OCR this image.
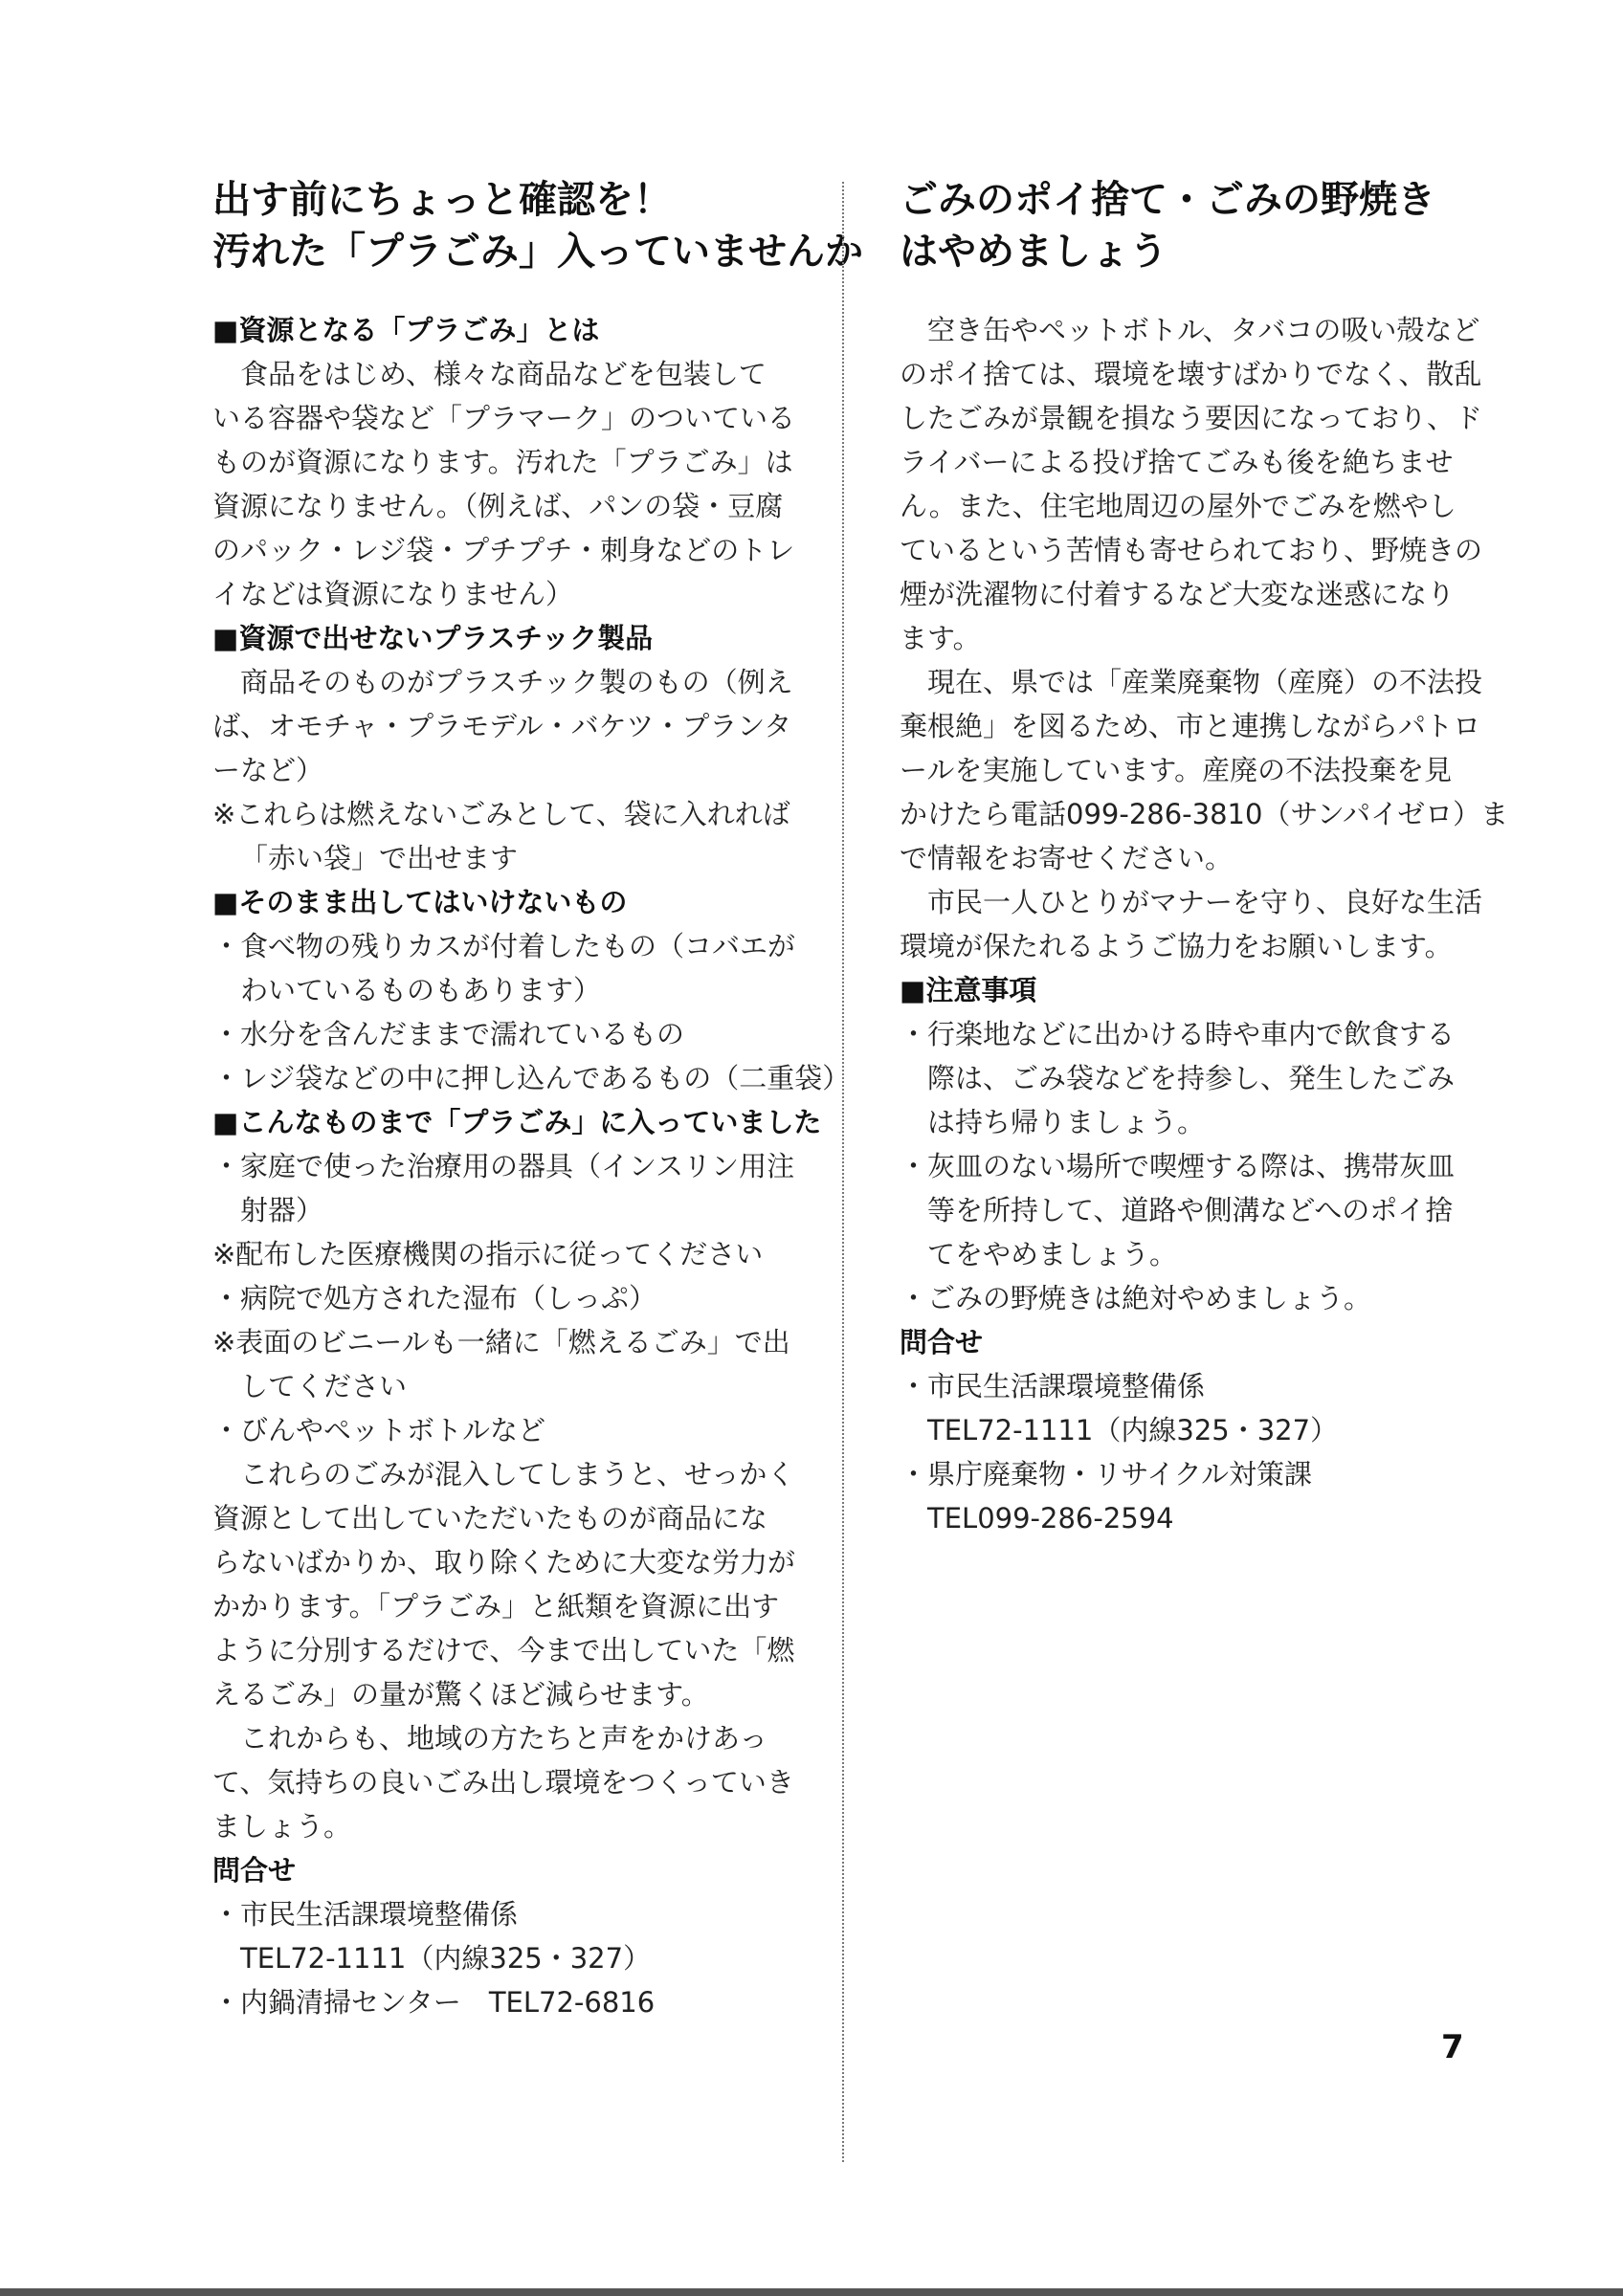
出す前にちょっと確認を！
汚れた「プラごみ」入っていませんか
■資源となる「プラごみ」とは
食品をはじめ、様々な商品などを包装して
いる容器や袋など「プラマーク」のついている
ものが資源になります。汚れた「プラごみ」は
資源になりません。（例えば、パンの袋・豆腐
のパック・レジ袋・プチプチ・刺身などのトレ
イなどは資源になりません）
■資源で出せないプラスチック製品
商品そのものがプラスチック製のもの（例え
ば、オモチャ・プラモデル・バケツ・プランタ
ーなど）
※これらは燃えないごみとして、袋に入れれば
「赤い袋」で出せます
■そのまま出してはいけないもの
・食べ物の残りカスが付着したもの（コバエが
わいているものもあります）
・水分を含んだままで濡れているもの
・レジ袋などの中に押し込んであるもの（二重袋）
■こんなものまで「プラごみ」に入っていました
・家庭で使った治療用の器具（インスリン用注
射器）
※配布した医療機関の指示に従ってください
・病院で処方された湿布（しっぷ）
※表面のビニールも一緒に「燃えるごみ」で出
してください
・びんやペットボトルなど
これらのごみが混入してしまうと、せっかく
資源として出していただいたものが商品にな
らないばかりか、取り除くために大変な労力が
かかります。「プラごみ」と紙類を資源に出す
ように分別するだけで、今まで出していた「燃
えるごみ」の量が驚くほど減らせます。
これからも、地域の方たちと声をかけあっ
て、気持ちの良いごみ出し環境をつくっていき
ましょう。
問合せ
・市民生活課環境整備係
TEL72-1111（内線325・327）
・内鍋清掃センター　TEL72-6816
ごみのポイ捨て・ごみの野焼き
はやめましょう
空き缶やペットボトル、タバコの吸い殻など
のポイ捨ては、環境を壊すばかりでなく、散乱
したごみが景観を損なう要因になっており、ド
ライバーによる投げ捨てごみも後を絶ちませ
ん。また、住宅地周辺の屋外でごみを燃やし
ているという苦情も寄せられており、野焼きの
煙が洗濯物に付着するなど大変な迷惑になり
ます。
現在、県では「産業廃棄物（産廃）の不法投
棄根絶」を図るため、市と連携しながらパトロ
ールを実施しています。産廃の不法投棄を見
かけたら電話099-286-3810（サンパイゼロ）ま
で情報をお寄せください。
市民一人ひとりがマナーを守り、良好な生活
環境が保たれるようご協力をお願いします。
■注意事項
・行楽地などに出かける時や車内で飲食する
際は、ごみ袋などを持参し、発生したごみ
は持ち帰りましょう。
・灰皿のない場所で喫煙する際は、携帯灰皿
等を所持して、道路や側溝などへのポイ捨
てをやめましょう。
・ごみの野焼きは絶対やめましょう。
問合せ
・市民生活課環境整備係
TEL72-1111（内線325・327）
・県庁廃棄物・リサイクル対策課
TEL099-286-2594
7
